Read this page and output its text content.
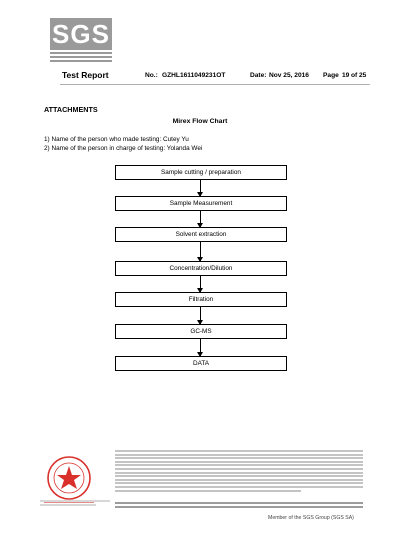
SGS
Test Report	No.: GZHL1611049231OT	Date: Nov 25, 2016 Page 19 of 25
ATTACHMENTS
Mirex Flow Chart
1) Name of the person who made testing: Cutey Yu
2) Name of the person in charge of testing: Yolanda Wei
Sample cutting / preparation
Sample Measurement
Solvent extraction
Concentration/Dilution
Filtration
GC-MS
DATA
Member of the SGS Group (SGS SA)
